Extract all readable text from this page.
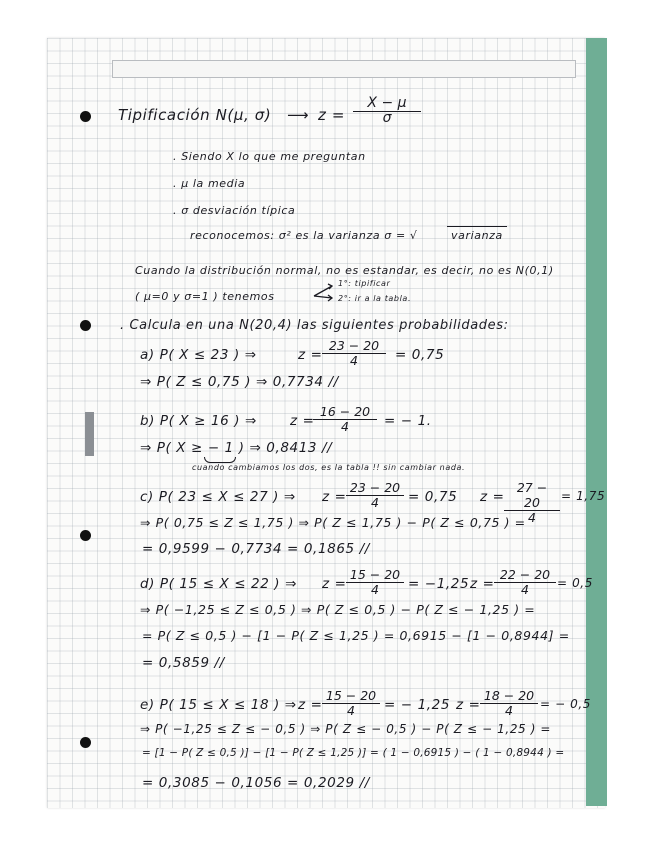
Tipificación N(μ, σ) ⟶ $z = \frac{X - \mu}{\sigma}$
. Siendo X lo que me preguntan
. μ la media
. σ desviación típica
reconocemos: σ² es la varianza σ = √	varianza
Cuando la distribución normal, no es estandar, es decir, no es N(0,1)
( μ=0 y σ=1 ) tenemos
1°: tipificar
2°: ir a la tabla.
. Calcula en una N(20,4) las siguientes probabilidades:
a) P( X ≤ 23 ) ⇒	$z = \frac{23 - 20}{4} = 0,75$
⇒ P( Z ≤ 0,75 ) ⇒ 0,7734 //
b) P( X ≥ 16 ) ⇒ z =
$\frac{16 - 20}{4}$ = − 1.
⇒ P( X ≥ − 1 ) ⇒ 0,8413 //
cuando cambiamos los dos, es la tabla !! sin cambiar nada.
c) P( 23 ≤ X ≤ 27 ) ⇒ $z = \frac{23 - 20}{4} = 0,75$ $z = \frac{27 - 20}{4} = 1,75$
⇒ P( 0,75 ≤ Z ≤ 1,75 ) ⇒ P( Z ≤ 1,75 ) − P( Z ≤ 0,75 ) =
= 0,9599 − 0,7734 = 0,1865 //
d) P( 15 ≤ X ≤ 22 ) ⇒ $z = \frac{15 - 20}{4} = -1,25$ $z = \frac{22 - 20}{4} = 0,5$
⇒ P( −1,25 ≤ Z ≤ 0,5 ) ⇒ P( Z ≤ 0,5 ) − P( Z ≤ − 1,25 ) =
= P( Z ≤ 0,5 ) − [1 − P( Z ≤ 1,25 ) = 0,6915 − [1 − 0,8944] =
= 0,5859 //
e) P( 15 ≤ X ≤ 18 ) ⇒ $z = \frac{15 - 20}{4}$ = − 1,25 $z = \frac{18 - 20}{4}$ = − 0,5
⇒ P( −1,25 ≤ Z ≤ − 0,5 ) ⇒ P( Z ≤ − 0,5 ) − P( Z ≤ − 1,25 ) =
= [1 − P( Z ≤ 0,5 )] − [1 − P( Z ≤ 1,25 )] = ( 1 − 0,6915 ) − ( 1 − 0,8944 ) =
= 0,3085 − 0,1056 = 0,2029 //
